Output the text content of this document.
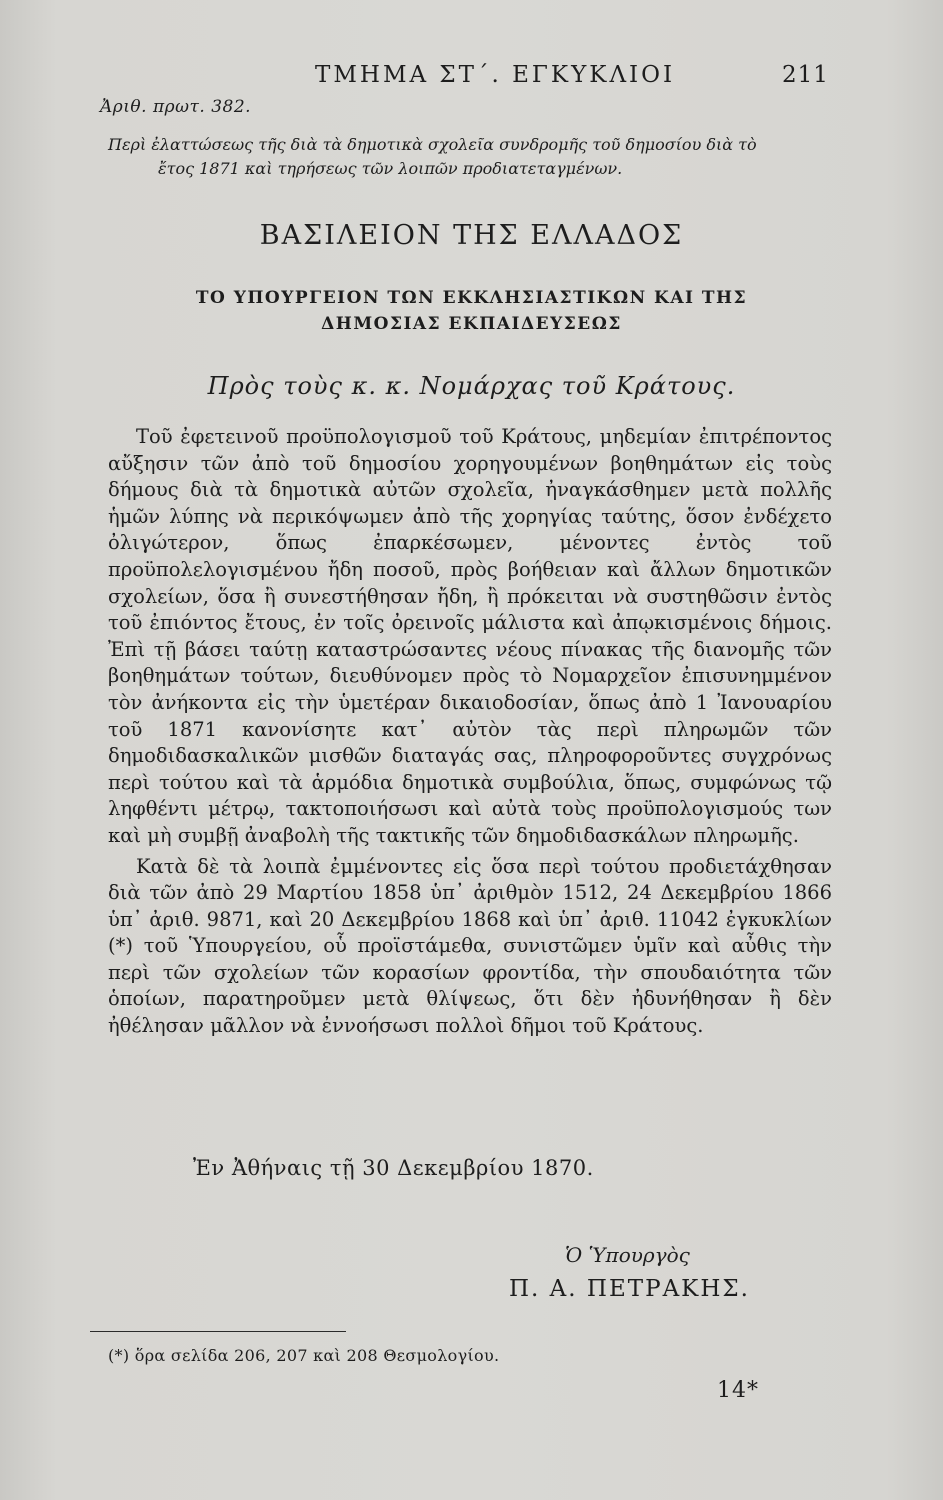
ΤΜΗΜΑ ΣΤ΄. ΕΓΚΥΚΛΙΟΙ	211
Ἀριθ. πρωτ. 382.
Περὶ ἐλαττώσεως τῆς διὰ τὰ δημοτικὰ σχολεῖα συνδρομῆς τοῦ δημοσίου διὰ τὸ
ἔτος 1871 καὶ τηρήσεως τῶν λοιπῶν προδιατεταγμένων.
ΒΑΣΙΛΕΙΟΝ ΤΗΣ ΕΛΛΑΔΟΣ
ΤΟ ΥΠΟΥΡΓΕΙΟΝ ΤΩΝ ΕΚΚΛΗΣΙΑΣΤΙΚΩΝ ΚΑΙ ΤΗΣ
ΔΗΜΟΣΙΑΣ ΕΚΠΑΙΔΕΥΣΕΩΣ
Πρὸς τοὺς κ. κ. Νομάρχας τοῦ Κράτους.

Τοῦ ἐφετεινοῦ προϋπολογισμοῦ τοῦ Κράτους, μηδεμίαν ἐπιτρέποντος αὔξησιν τῶν ἀπὸ τοῦ δημοσίου χορηγουμένων βοηθημάτων εἰς τοὺς δήμους διὰ τὰ δημοτικὰ αὐτῶν σχολεῖα, ἠναγκάσθημεν μετὰ πολλῆς ἡμῶν λύπης νὰ περικόψωμεν ἀπὸ τῆς χορηγίας ταύτης, ὅσον ἐνδέχετο ὀλιγώτερον, ὅπως ἐπαρκέσωμεν, μένοντες ἐντὸς τοῦ προϋπολελογισμένου ἤδη ποσοῦ, πρὸς βοήθειαν καὶ ἄλλων δημοτικῶν σχολείων, ὅσα ἢ συνεστήθησαν ἤδη, ἢ πρόκειται νὰ συστηθῶσιν ἐντὸς τοῦ ἐπιόντος ἔτους, ἐν τοῖς ὀρεινοῖς μάλιστα καὶ ἀπῳκισμένοις δήμοις. Ἐπὶ τῇ βάσει ταύτῃ καταστρώσαντες νέους πίνακας τῆς διανομῆς τῶν βοηθημάτων τούτων, διευθύνομεν πρὸς τὸ Νομαρχεῖον ἐπισυνημμένον τὸν ἀνήκοντα εἰς τὴν ὑμετέραν δικαιοδοσίαν, ὅπως ἀπὸ 1 Ἰανουαρίου τοῦ 1871 κανονίσητε κατ᾿ αὐτὸν τὰς περὶ πληρωμῶν τῶν δημοδιδασκαλικῶν μισθῶν διαταγάς σας, πληροφοροῦντες συγχρόνως περὶ τούτου καὶ τὰ ἁρμόδια δημοτικὰ συμβούλια, ὅπως, συμφώνως τῷ ληφθέντι μέτρῳ, τακτοποιήσωσι καὶ αὐτὰ τοὺς προϋπολογισμούς των καὶ μὴ συμβῇ ἀναβολὴ τῆς τακτικῆς τῶν δημοδιδασκάλων πληρωμῆς.

Κατὰ δὲ τὰ λοιπὰ ἐμμένοντες εἰς ὅσα περὶ τούτου προδιετάχθησαν διὰ τῶν ἀπὸ 29 Μαρτίου 1858 ὑπ᾿ ἀριθμὸν 1512, 24 Δεκεμβρίου 1866 ὑπ᾿ ἀριθ. 9871, καὶ 20 Δεκεμβρίου 1868 καὶ ὑπ᾿ ἀριθ. 11042 ἐγκυκλίων (*) τοῦ Ὑπουργείου, οὗ προϊστάμεθα, συνιστῶμεν ὑμῖν καὶ αὖθις τὴν περὶ τῶν σχολείων τῶν κορασίων φροντίδα, τὴν σπουδαιότητα τῶν ὁποίων, παρατηροῦμεν μετὰ θλίψεως, ὅτι δὲν ἠδυνήθησαν ἢ δὲν ἠθέλησαν μᾶλλον νὰ ἐννοήσωσι πολλοὶ δῆμοι τοῦ Κράτους.

Ἐν Ἀθήναις τῇ 30 Δεκεμβρίου 1870.
Ὁ Ὑπουργὸς
Π. Α. ΠΕΤΡΑΚΗΣ.
(*) ὅρα σελίδα 206, 207 καὶ 208 Θεσμολογίου.
14*
